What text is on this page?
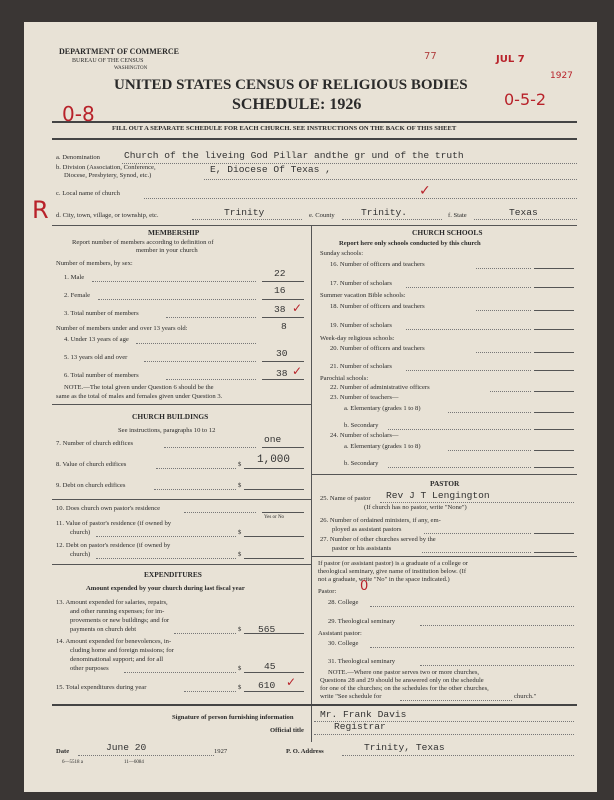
DEPARTMENT OF COMMERCE
BUREAU OF THE CENSUS
WASHINGTON
UNITED STATES CENSUS OF RELIGIOUS BODIES
SCHEDULE: 1926
FILL OUT A SEPARATE SCHEDULE FOR EACH CHURCH. SEE INSTRUCTIONS ON THE BACK OF THIS SHEET
77	JUL 7
1927
0-5-2
0-8
R
a. Denomination	Church of the liveing God Pillar andthe gr und of the truth
b. Division (Association, Conference,
Diocese, Presbytery, Synod, etc.)
E, Diocese Of Texas ,
c. Local name of church	✓
d. City, town, village, or township, etc.	Trinity	e. County	Trinity.	f. State	Texas
MEMBERSHIP
Report number of members according to definition of
member in your church
Number of members, by sex:
1. Male	22
2. Female	16
3. Total number of members	38 ✓
Number of members under and over 13 years old:
4. Under 13 years of age
8
5. 13 years old and over	30
6. Total number of members	38 ✓
NOTE.—The total given under Question 6 should be the
same as the total of males and females given under Question 3.
CHURCH BUILDINGS
See instructions, paragraphs 10 to 12
7. Number of church edifices	one
8. Value of church edifices	$ 1,000
9. Debt on church edifices	$
10. Does church own pastor's residence
Yes or No
11. Value of pastor's residence (if owned by
church)	$
12. Debt on pastor's residence (if owned by
church)	$
EXPENDITURES
Amount expended by your church during last fiscal year
13. Amount expended for salaries, repairs,
and other running expenses; for im-
provements or new buildings; and for
payments on church debt	$ 565
14. Amount expended for benevolences, in-
cluding home and foreign missions; for
denominational support; and for all
other purposes	$ 45
15. Total expenditures during year	$ 610 ✓
CHURCH SCHOOLS
Report here only schools conducted by this church
Sunday schools:
16. Number of officers and teachers
17. Number of scholars
Summer vacation Bible schools:
18. Number of officers and teachers
19. Number of scholars
Week-day religious schools:
20. Number of officers and teachers
21. Number of scholars
Parochial schools:
22. Number of administrative officers
23. Number of teachers—
a. Elementary (grades 1 to 8)
b. Secondary
24. Number of scholars—
a. Elementary (grades 1 to 8)
b. Secondary
PASTOR
25. Name of pastor Rev J T Lengington
(If church has no pastor, write "None")
26. Number of ordained ministers, if any, em-
ployed as assistant pastors
27. Number of other churches served by the
pastor or his assistants
If pastor (or assistant pastor) is a graduate of a college or
theological seminary, give name of institution below. (If
not a graduate, write "No" in the space indicated.)
Pastor: 0
28. College
29. Theological seminary
Assistant pastor:
30. College
31. Theological seminary
NOTE.—Where one pastor serves two or more churches,
Questions 28 and 29 should be answered only on the schedule
for one of the churches; on the schedules for the other churches,
write "See schedule for	church."
Signature of person furnishing information	Mr. Frank Davis
Official title	Registrar
Date	June 20	1927	P. O. Address	Trinity, Texas
6—5518 a	11—6084
